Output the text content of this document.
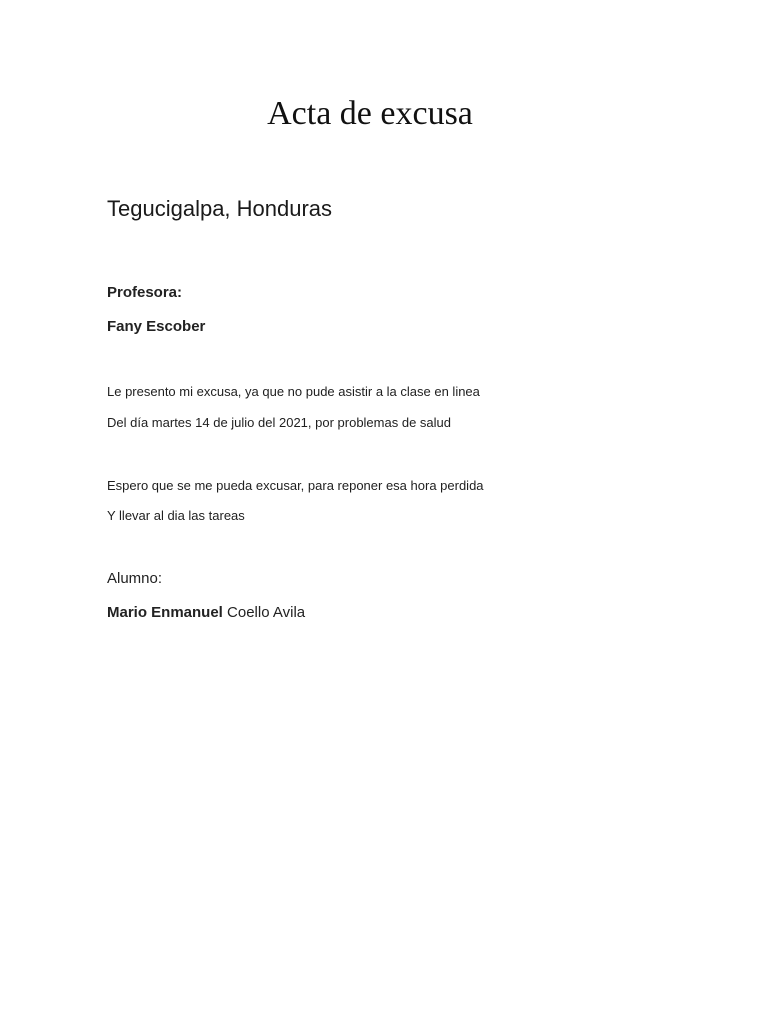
Acta de excusa

Tegucigalpa, Honduras

Profesora:

Fany Escober

Le presento mi excusa, ya que no pude asistir a la clase en linea

Del día martes 14 de julio del 2021, por problemas de salud

Espero que se me pueda excusar, para reponer esa hora perdida

Y llevar al dia las tareas

Alumno:

Mario Enmanuel Coello Avila
